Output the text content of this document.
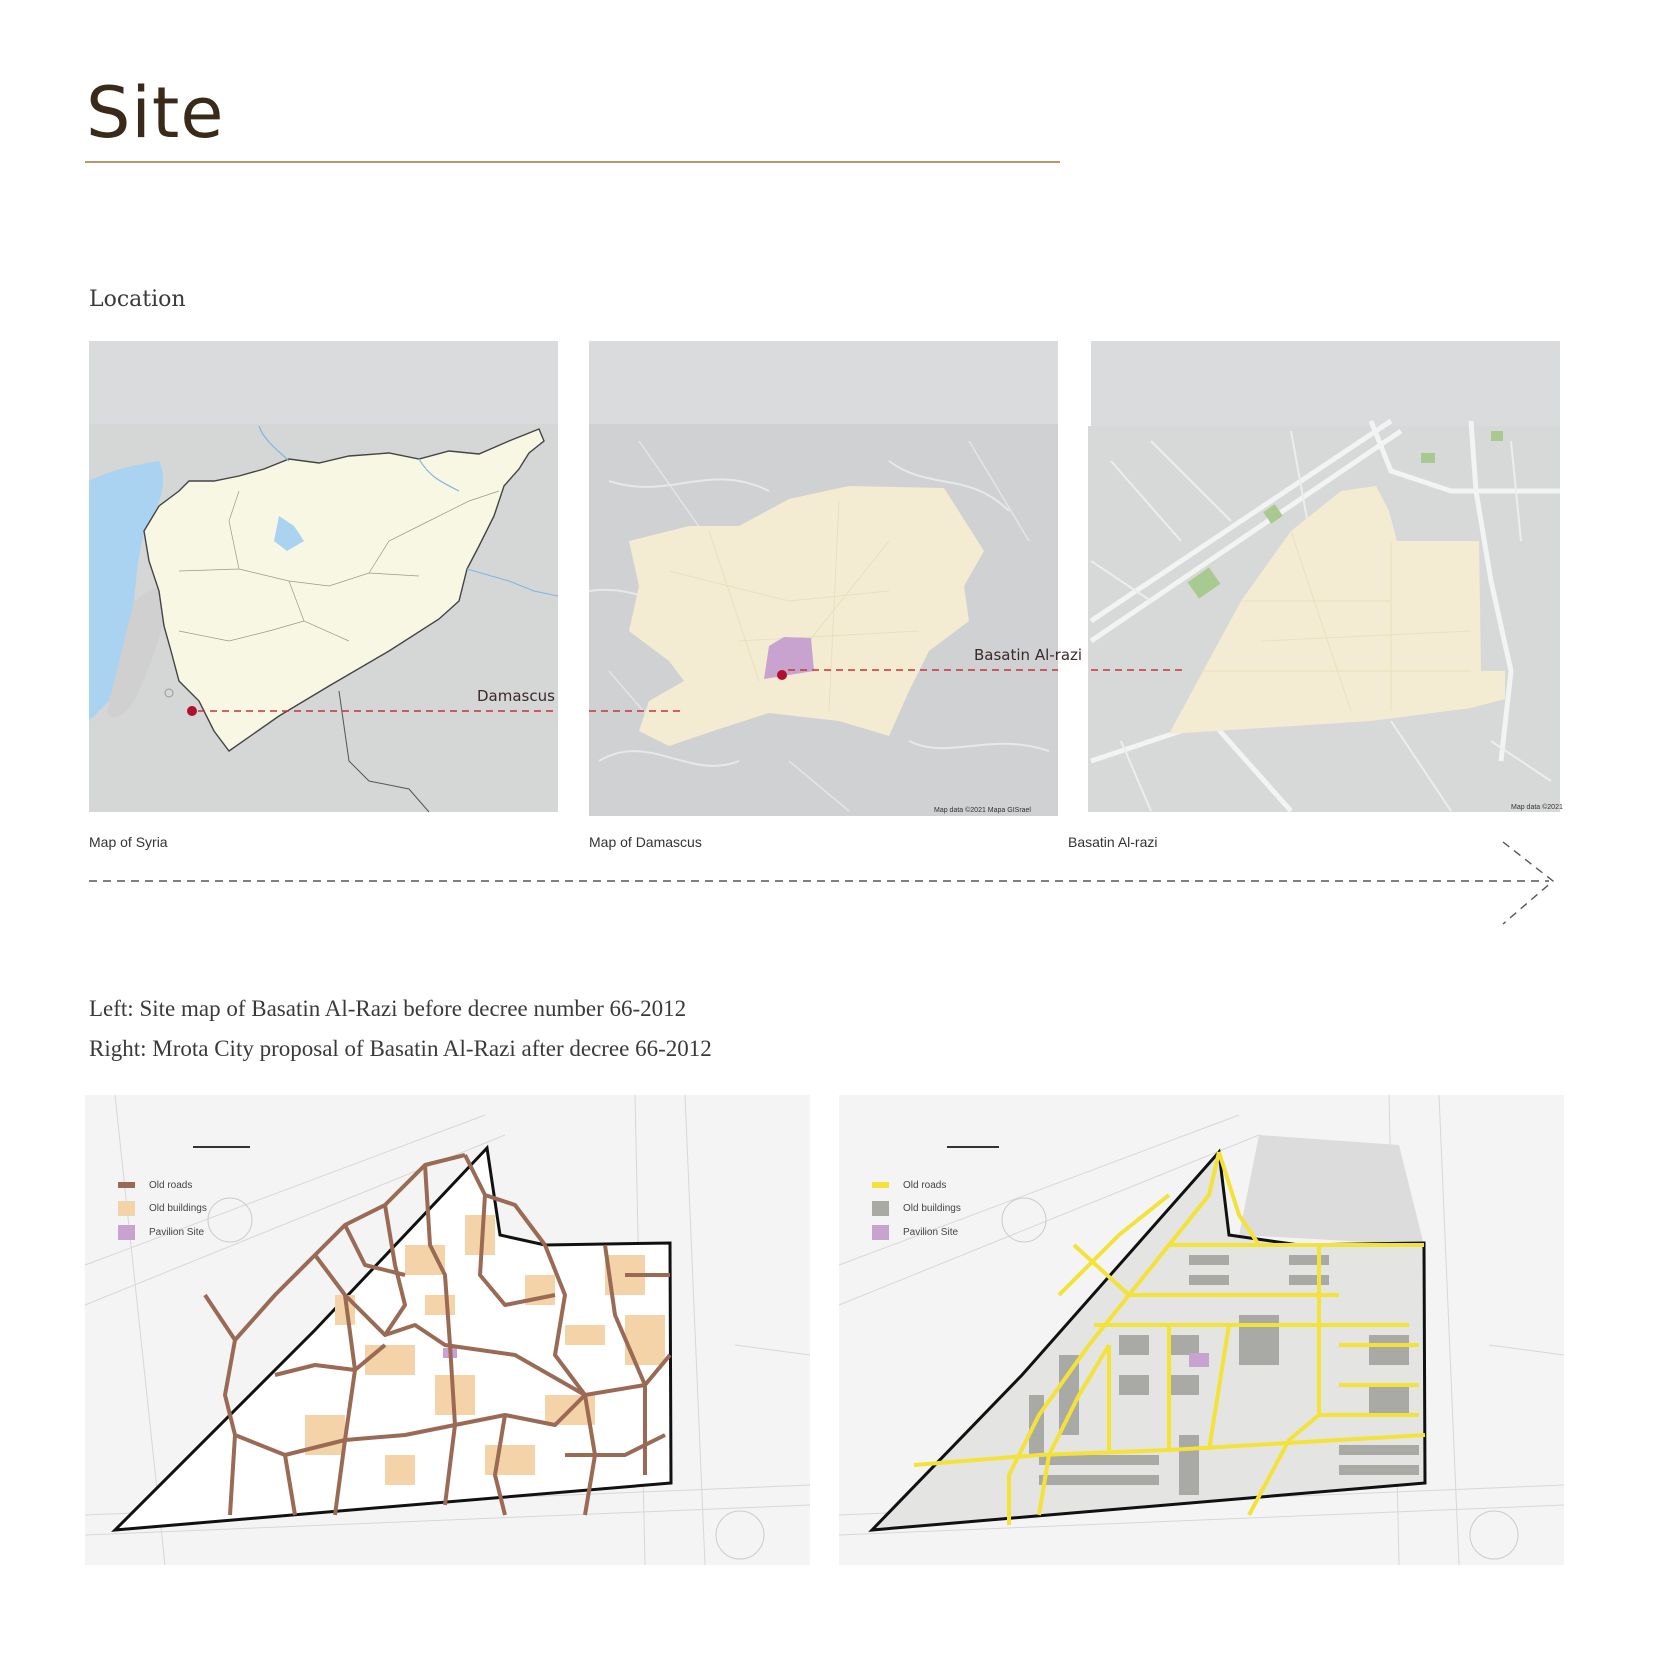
Site
Location
Damascus
Map of Syria
Basatin Al-razi
Map data ©2021 Mapa GISrael
Map of Damascus
Map data ©2021
Basatin Al-razi
Left: Site map of Basatin Al-Razi before decree number 66-2012
Right: Mrota City proposal of Basatin Al-Razi after decree 66-2012
Old roads
Old buildings
Pavilion Site
Old roads
Old buildings
Pavilion Site
